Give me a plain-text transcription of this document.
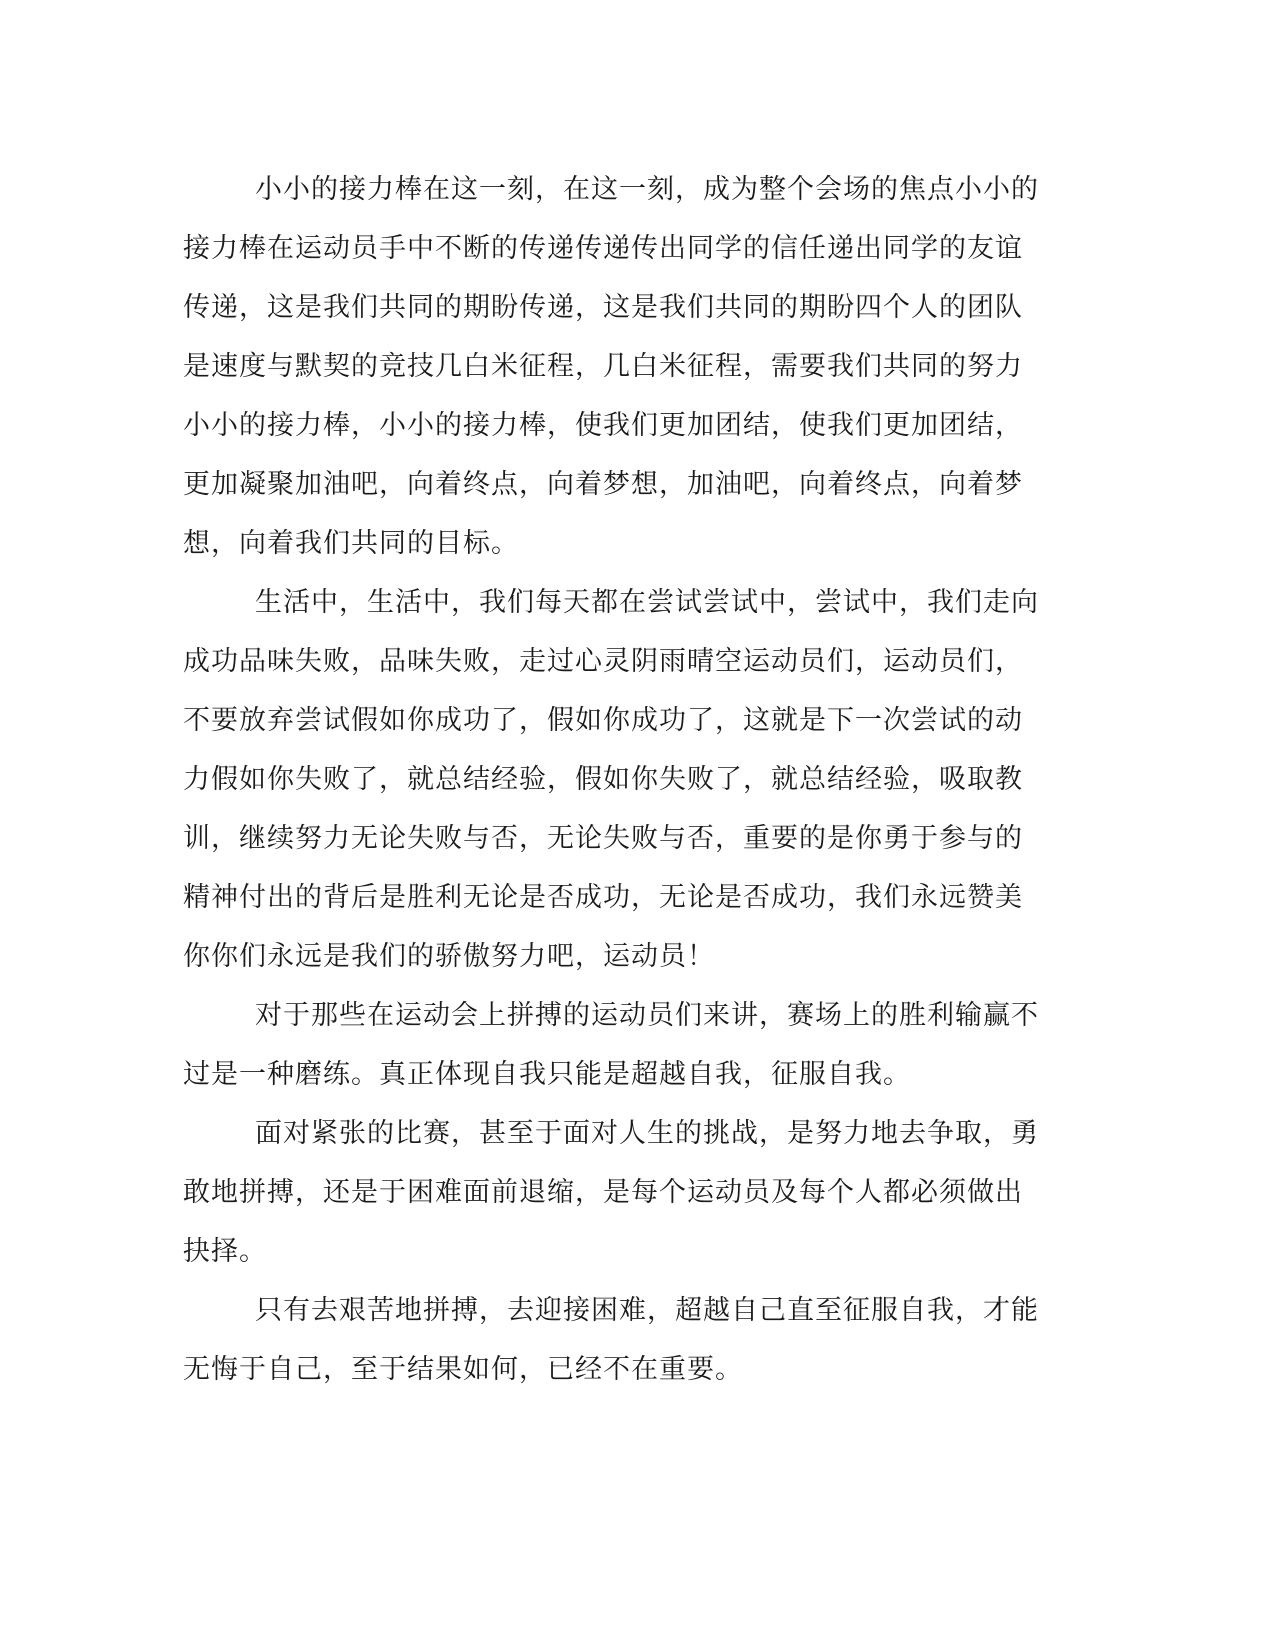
小小的接力棒在这一刻，在这一刻，成为整个会场的焦点小小的
接力棒在运动员手中不断的传递传递传出同学的信任递出同学的友谊
传递，这是我们共同的期盼传递，这是我们共同的期盼四个人的团队
是速度与默契的竞技几白米征程，几白米征程，需要我们共同的努力
小小的接力棒，小小的接力棒，使我们更加团结，使我们更加团结，
更加凝聚加油吧，向着终点，向着梦想，加油吧，向着终点，向着梦
想，向着我们共同的目标。
生活中，生活中，我们每天都在尝试尝试中，尝试中，我们走向
成功品味失败，品味失败，走过心灵阴雨晴空运动员们，运动员们，
不要放弃尝试假如你成功了，假如你成功了，这就是下一次尝试的动
力假如你失败了，就总结经验，假如你失败了，就总结经验，吸取教
训，继续努力无论失败与否，无论失败与否，重要的是你勇于参与的
精神付出的背后是胜利无论是否成功，无论是否成功，我们永远赞美
你你们永远是我们的骄傲努力吧，运动员！
对于那些在运动会上拼搏的运动员们来讲，赛场上的胜利输赢不
过是一种磨练。真正体现自我只能是超越自我，征服自我。
面对紧张的比赛，甚至于面对人生的挑战，是努力地去争取，勇
敢地拼搏，还是于困难面前退缩，是每个运动员及每个人都必须做出
抉择。
只有去艰苦地拼搏，去迎接困难，超越自己直至征服自我，才能
无悔于自己，至于结果如何，已经不在重要。
